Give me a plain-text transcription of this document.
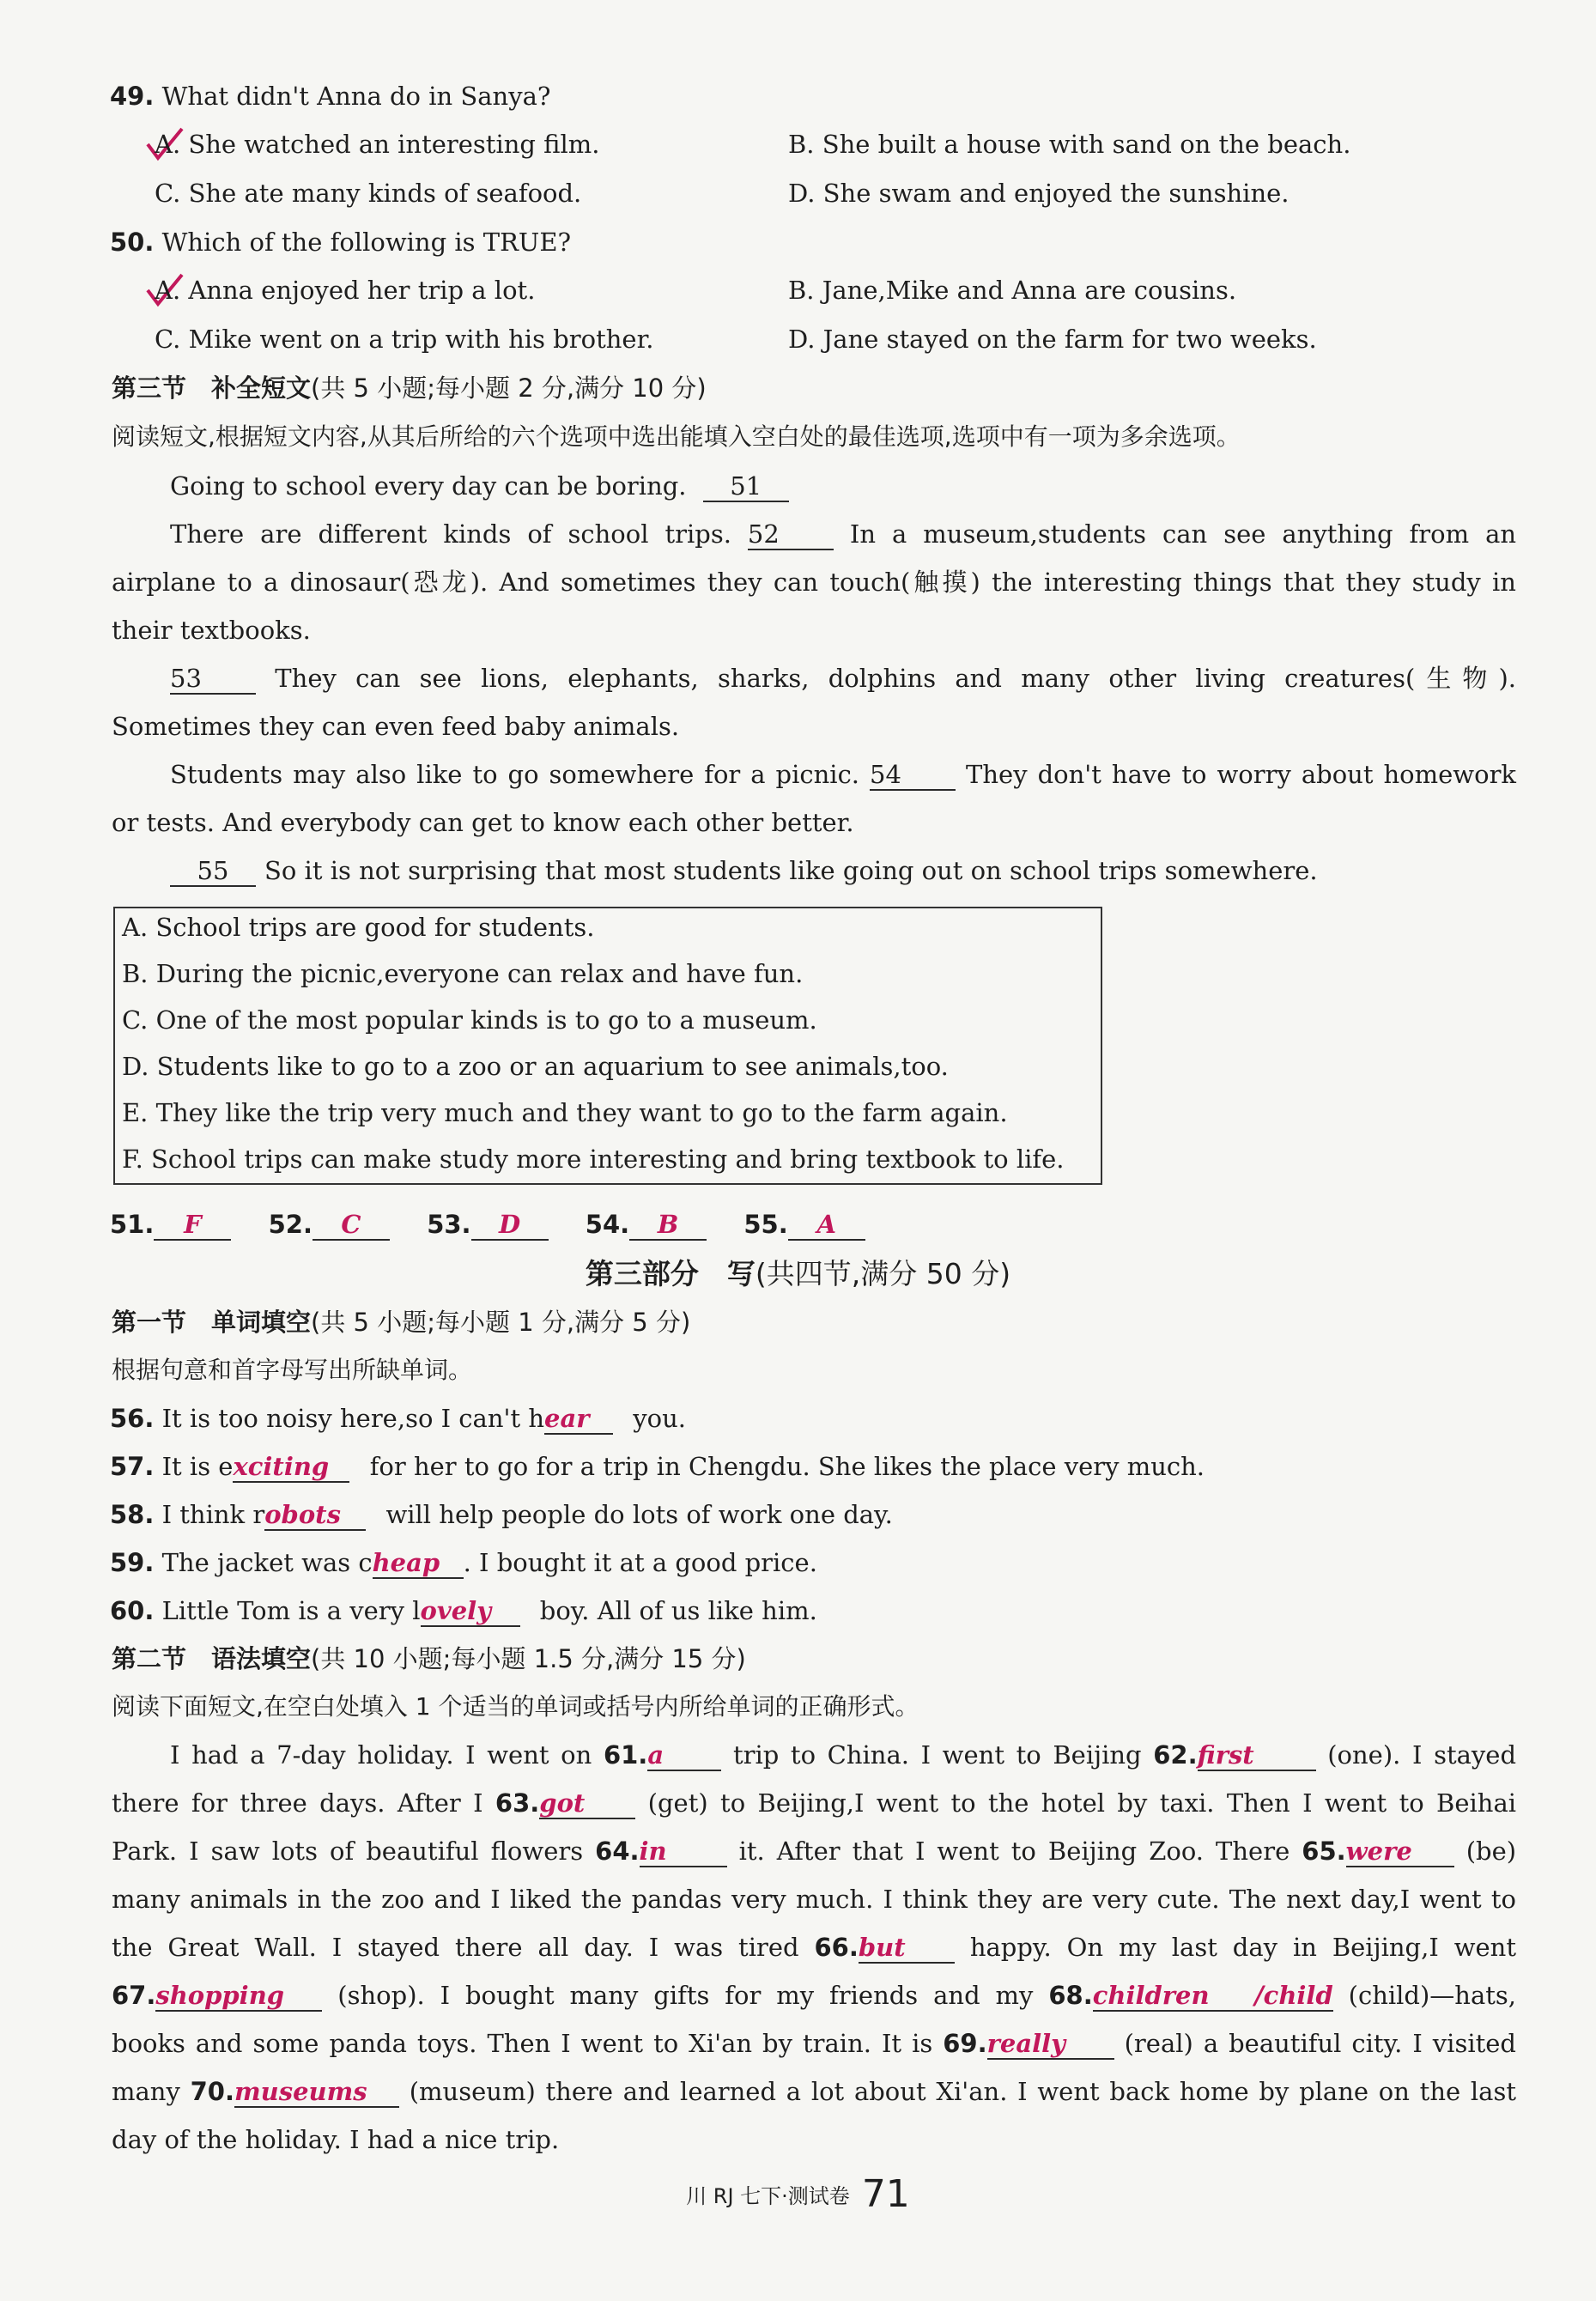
49. What didn't Anna do in Sanya?
A. She watched an interesting film.	B. She built a house with sand on the beach.
C. She ate many kinds of seafood.	D. She swam and enjoyed the sunshine.
50. Which of the following is TRUE?
A. Anna enjoyed her trip a lot.	B. Jane,Mike and Anna are cousins.
C. Mike went on a trip with his brother.	D. Jane stayed on the farm for two weeks.
第三节　补全短文(共 5 小题;每小题 2 分,满分 10 分)
阅读短文,根据短文内容,从其后所给的六个选项中选出能填入空白处的最佳选项,选项中有一项为多余选项。
Going to school every day can be boring. 51
There are different kinds of school trips. 52	In a museum,students can see anything from an
airplane to a dinosaur(恐龙). And sometimes they can touch(触摸) the interesting things that they study in
their textbooks.
53	They can see lions, elephants, sharks, dolphins and many other living creatures(生物).
Sometimes they can even feed baby animals.
Students may also like to go somewhere for a picnic. 54	They don't have to worry about homework
or tests. And everybody can get to know each other better.
55 So it is not surprising that most students like going out on school trips somewhere.
A. School trips are good for students.
B. During the picnic,everyone can relax and have fun.
C. One of the most popular kinds is to go to a museum.
D. Students like to go to a zoo or an aquarium to see animals,too.
E. They like the trip very much and they want to go to the farm again.
F. School trips can make study more interesting and bring textbook to life.
51. F	52. C	53. D	54. B	55. A
第三部分　写(共四节,满分 50 分)
第一节　单词填空(共 5 小题;每小题 1 分,满分 5 分)
根据句意和首字母写出所缺单词。
56. It is too noisy here,so I can't hear you.
57. It is exciting for her to go for a trip in Chengdu. She likes the place very much.
58. I think robots will help people do lots of work one day.
59. The jacket was cheap . I bought it at a good price.
60. Little Tom is a very lovely boy. All of us like him.
第二节　语法填空(共 10 小题;每小题 1.5 分,满分 15 分)
阅读下面短文,在空白处填入 1 个适当的单词或括号内所给单词的正确形式。
I had a 7-day holiday. I went on 61.a	trip to China. I went to Beijing 62.first	(one). I stayed
there for three days. After I 63.got	(get) to Beijing,I went to the hotel by taxi. Then I went to Beihai
Park. I saw lots of beautiful flowers 64.in	it. After that I went to Beijing Zoo. There 65.were (be)
many animals in the zoo and I liked the pandas very much. I think they are very cute. The next day,I went to
the Great Wall. I stayed there all day. I was tired 66.but	happy. On my last day in Beijing,I went
67.shopping (shop). I bought many gifts for my friends and my 68.children /child (child)—hats,
books and some panda toys. Then I went to Xi'an by train. It is 69.really (real) a beautiful city. I visited
many 70.museums (museum) there and learned a lot about Xi'an. I went back home by plane on the last
day of the holiday. I had a nice trip.
川 RJ 七下·测试卷 71
